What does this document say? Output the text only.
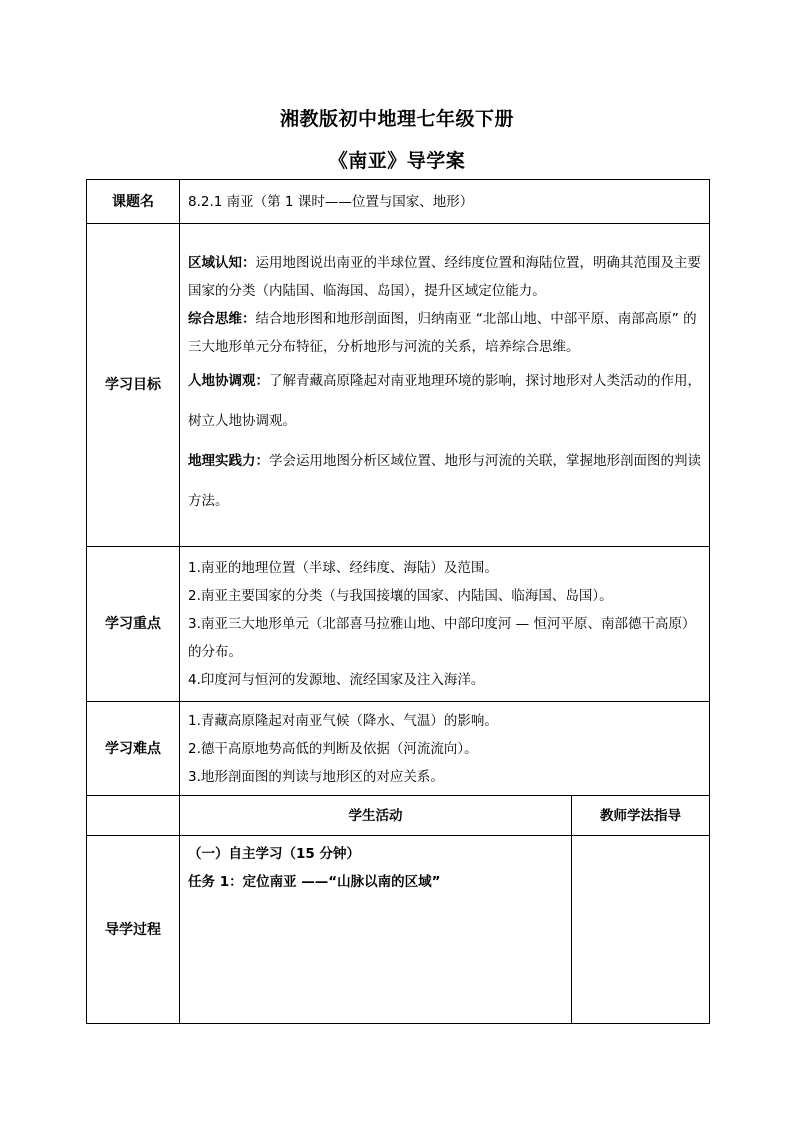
湘教版初中地理七年级下册
《南亚》导学案
课题名	8.2.1 南亚（第 1 课时——位置与国家、地形）	
学习目标	区域认知：运用地图说出南亚的半球位置、经纬度位置和海陆位置，明确其范围及主要国家的分类（内陆国、临海国、岛国），提升区域定位能力。

综合思维：结合地形图和地形剖面图，归纳南亚 “北部山地、中部平原、南部高原” 的三大地形单元分布特征，分析地形与河流的关系，培养综合思维。

人地协调观：了解青藏高原隆起对南亚地理环境的影响，探讨地形对人类活动的作用，树立人地协调观。

地理实践力：学会运用地图分析区域位置、地形与河流的关联，掌握地形剖面图的判读方法。	

学习重点	1.南亚的地理位置（半球、经纬度、海陆）及范围。

2.南亚主要国家的分类（与我国接壤的国家、内陆国、临海国、岛国）。

3.南亚三大地形单元（北部喜马拉雅山地、中部印度河 — 恒河平原、南部德干高原）的分布。

4.印度河与恒河的发源地、流经国家及注入海洋。	

学习难点	1.青藏高原隆起对南亚气候（降水、气温）的影响。

2.德干高原地势高低的判断及依据（河流流向）。

3.地形剖面图的判读与地形区的对应关系。	

	学生活动	教师学法指导
导学过程	（一）自主学习（15 分钟）

任务 1：定位南亚 ——“山脉以南的区域”	
